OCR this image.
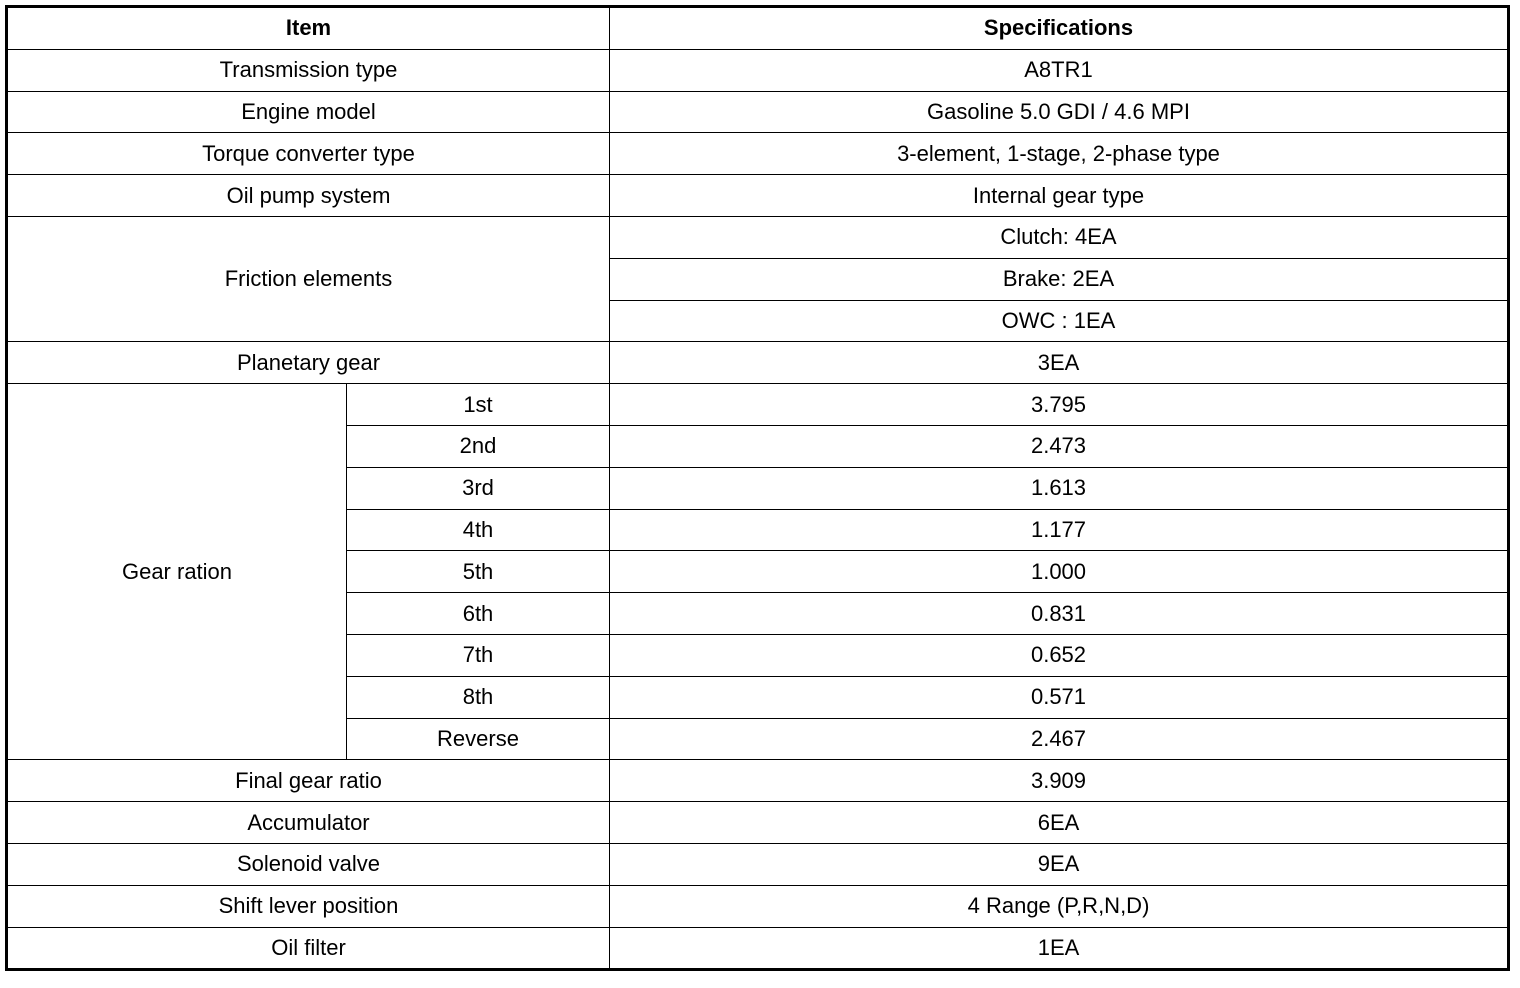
Item		Specifications
Transmission type		A8TR1
Engine model		Gasoline 5.0 GDI / 4.6 MPI
Torque converter type		3-element, 1-stage, 2-phase type
Oil pump system		Internal gear type
Friction elements		Clutch: 4EA
		Brake: 2EA
		OWC : 1EA
Planetary gear		3EA
Gear ration	1st	3.795
	2nd	2.473
	3rd	1.613
	4th	1.177
	5th	1.000
	6th	0.831
	7th	0.652
	8th	0.571
	Reverse	2.467
Final gear ratio		3.909
Accumulator		6EA
Solenoid valve		9EA
Shift lever position		4 Range (P,R,N,D)
Oil filter		1EA
